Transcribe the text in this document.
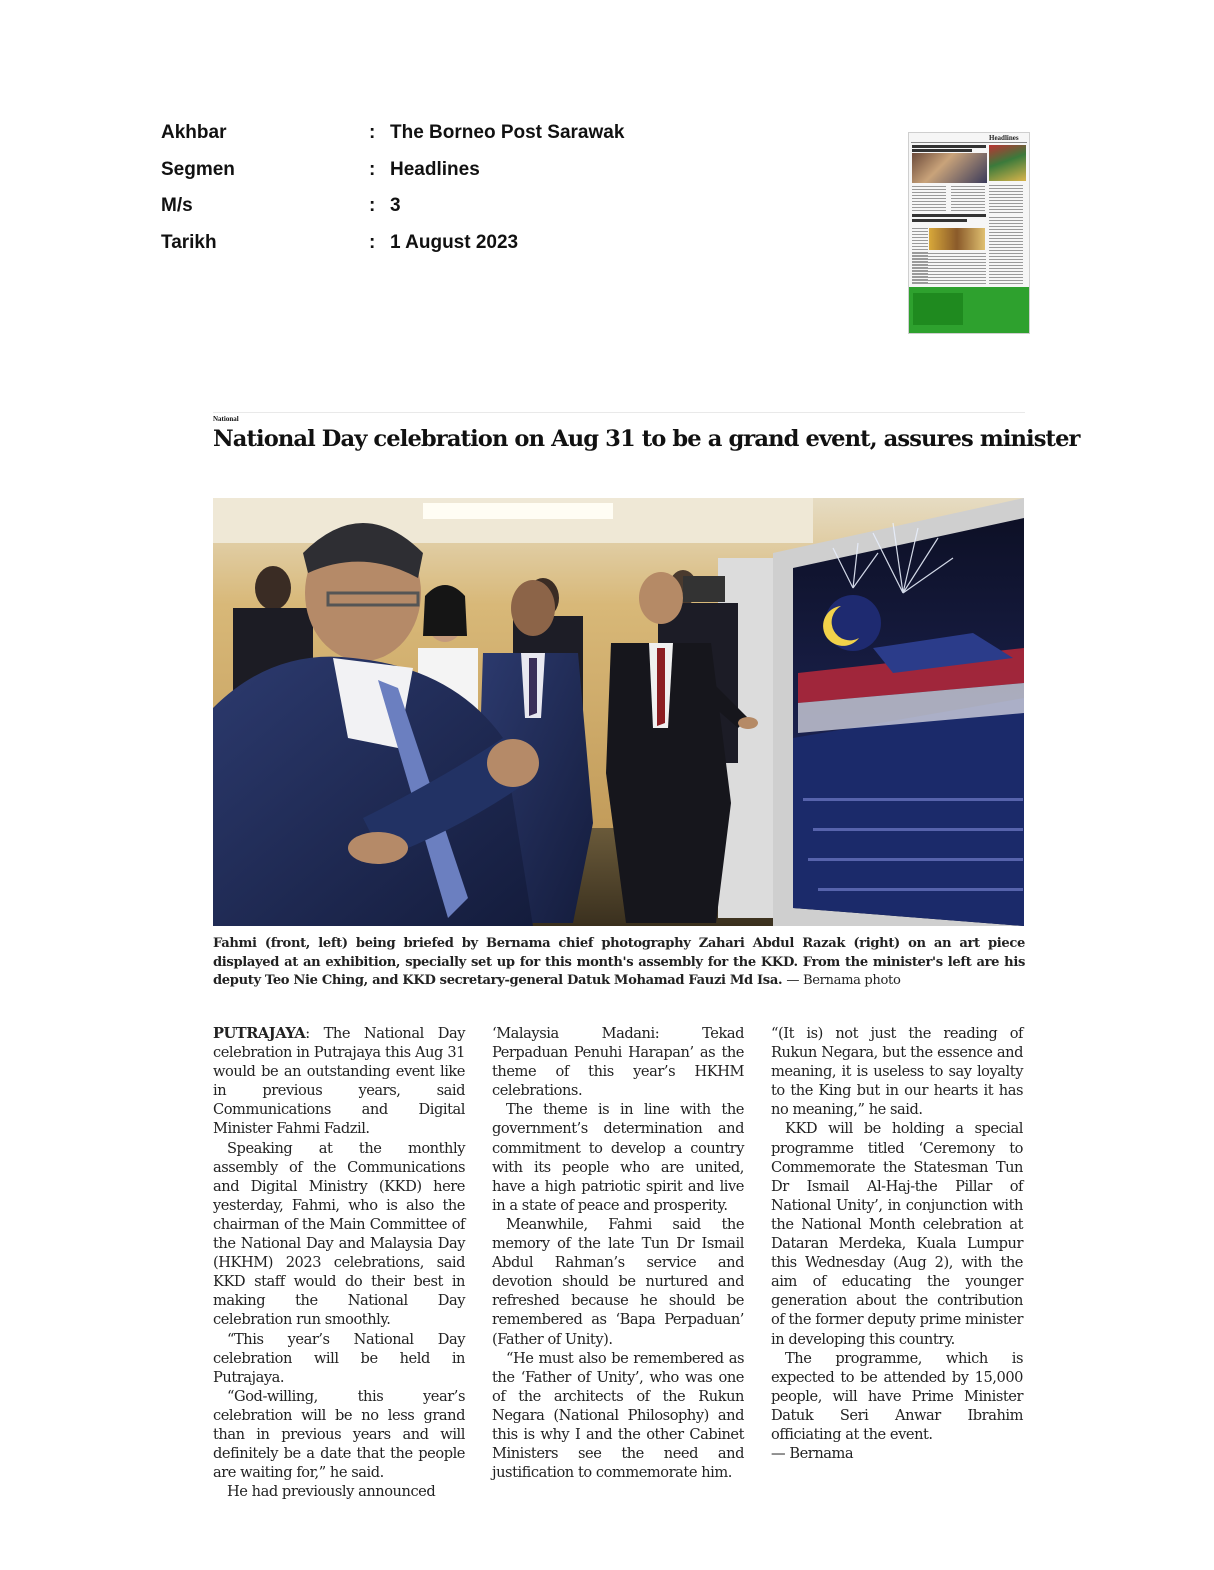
Akhbar	: The Borneo Post Sarawak
Segmen	: Headlines
M/s	: 3
Tarikh	: 1 August 2023
Headlines
National
National Day celebration on Aug 31 to be a grand event, assures minister
Fahmi (front, left) being briefed by Bernama chief photography Zahari Abdul Razak (right) on an art piece displayed at an exhibition, specially set up for this month's assembly for the KKD. From the minister's left are his deputy Teo Nie Ching, and KKD secretary-general Datuk Mohamad Fauzi Md Isa. — Bernama photo

PUTRAJAYA: The National Day celebration in Putrajaya this Aug 31 would be an outstanding event like in previous years, said Communications and Digital Minister Fahmi Fadzil.

Speaking at the monthly assembly of the Communications and Digital Ministry (KKD) here yesterday, Fahmi, who is also the chairman of the Main Committee of the National Day and Malaysia Day (HKHM) 2023 celebrations, said KKD staff would do their best in making the National Day celebration run smoothly.

“This year’s National Day celebration will be held in Putrajaya.

“God-willing, this year’s celebration will be no less grand than in previous years and will definitely be a date that the people are waiting for,” he said.

He had previously announced

‘Malaysia Madani: Tekad Perpaduan Penuhi Harapan’ as the theme of this year’s HKHM celebrations.

The theme is in line with the government’s determination and commitment to develop a country with its people who are united, have a high patriotic spirit and live in a state of peace and prosperity.

Meanwhile, Fahmi said the memory of the late Tun Dr Ismail Abdul Rahman’s service and devotion should be nurtured and refreshed because he should be remembered as ‘Bapa Perpaduan’ (Father of Unity).

“He must also be remembered as the ‘Father of Unity’, who was one of the architects of the Rukun Negara (National Philosophy) and this is why I and the other Cabinet Ministers see the need and justification to commemorate him.

“(It is) not just the reading of Rukun Negara, but the essence and meaning, it is useless to say loyalty to the King but in our hearts it has no meaning,” he said.

KKD will be holding a special programme titled ‘Ceremony to Commemorate the Statesman Tun Dr Ismail Al-Haj-the Pillar of National Unity’, in conjunction with the National Month celebration at Dataran Merdeka, Kuala Lumpur this Wednesday (Aug 2), with the aim of educating the younger generation about the contribution of the former deputy prime minister in developing this country.

The programme, which is expected to be attended by 15,000 people, will have Prime Minister Datuk Seri Anwar Ibrahim officiating at the event.

— Bernama
